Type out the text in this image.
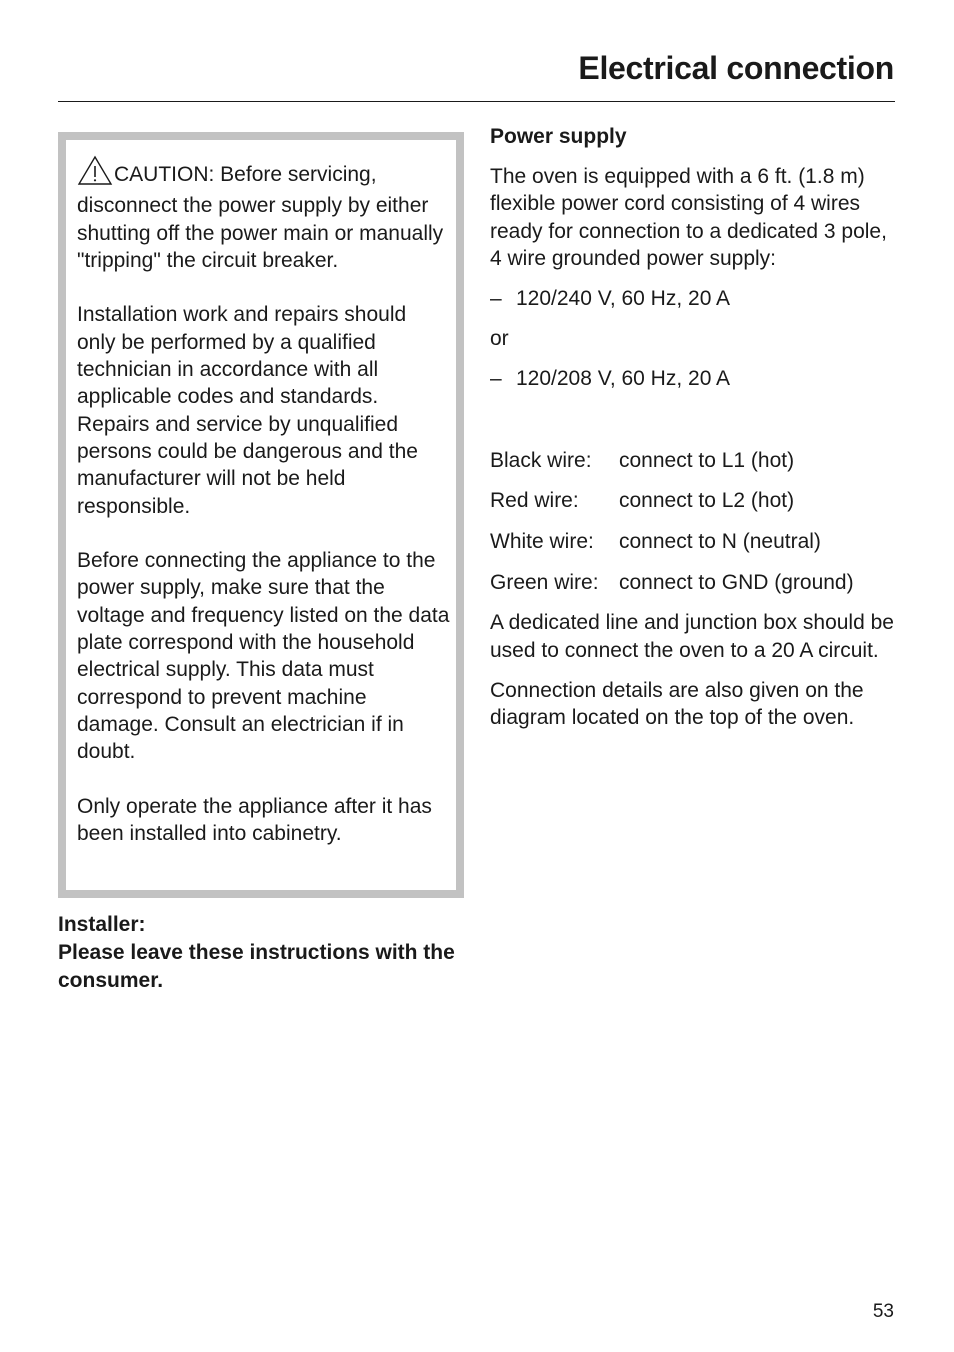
Electrical connection

CAUTION: Before servicing, disconnect the power supply by either shutting off the power main or manually "tripping" the circuit breaker.

Installation work and repairs should only be performed by a qualified technician in accordance with all applicable codes and standards. Repairs and service by unqualified persons could be dangerous and the manufacturer will not be held responsible.

Before connecting the appliance to the power supply, make sure that the voltage and frequency listed on the data plate correspond with the household electrical supply. This data must correspond to prevent machine damage. Consult an electrician if in doubt.

Only operate the appliance after it has been installed into cabinetry.

Installer:
Please leave these instructions with the consumer.
Power supply

The oven is equipped with a 6 ft. (1.8 m) flexible power cord consisting of 4 wires ready for connection to a dedicated 3 pole, 4 wire grounded power supply:

– 120/240 V, 60 Hz, 20 A
or
– 120/208 V, 60 Hz, 20 A
Black wire:	connect to L1 (hot)
Red wire:	connect to L2 (hot)
White wire:	connect to N (neutral)
Green wire: connect to GND (ground)

A dedicated line and junction box should be used to connect the oven to a 20 A circuit.

Connection details are also given on the diagram located on the top of the oven.

53
